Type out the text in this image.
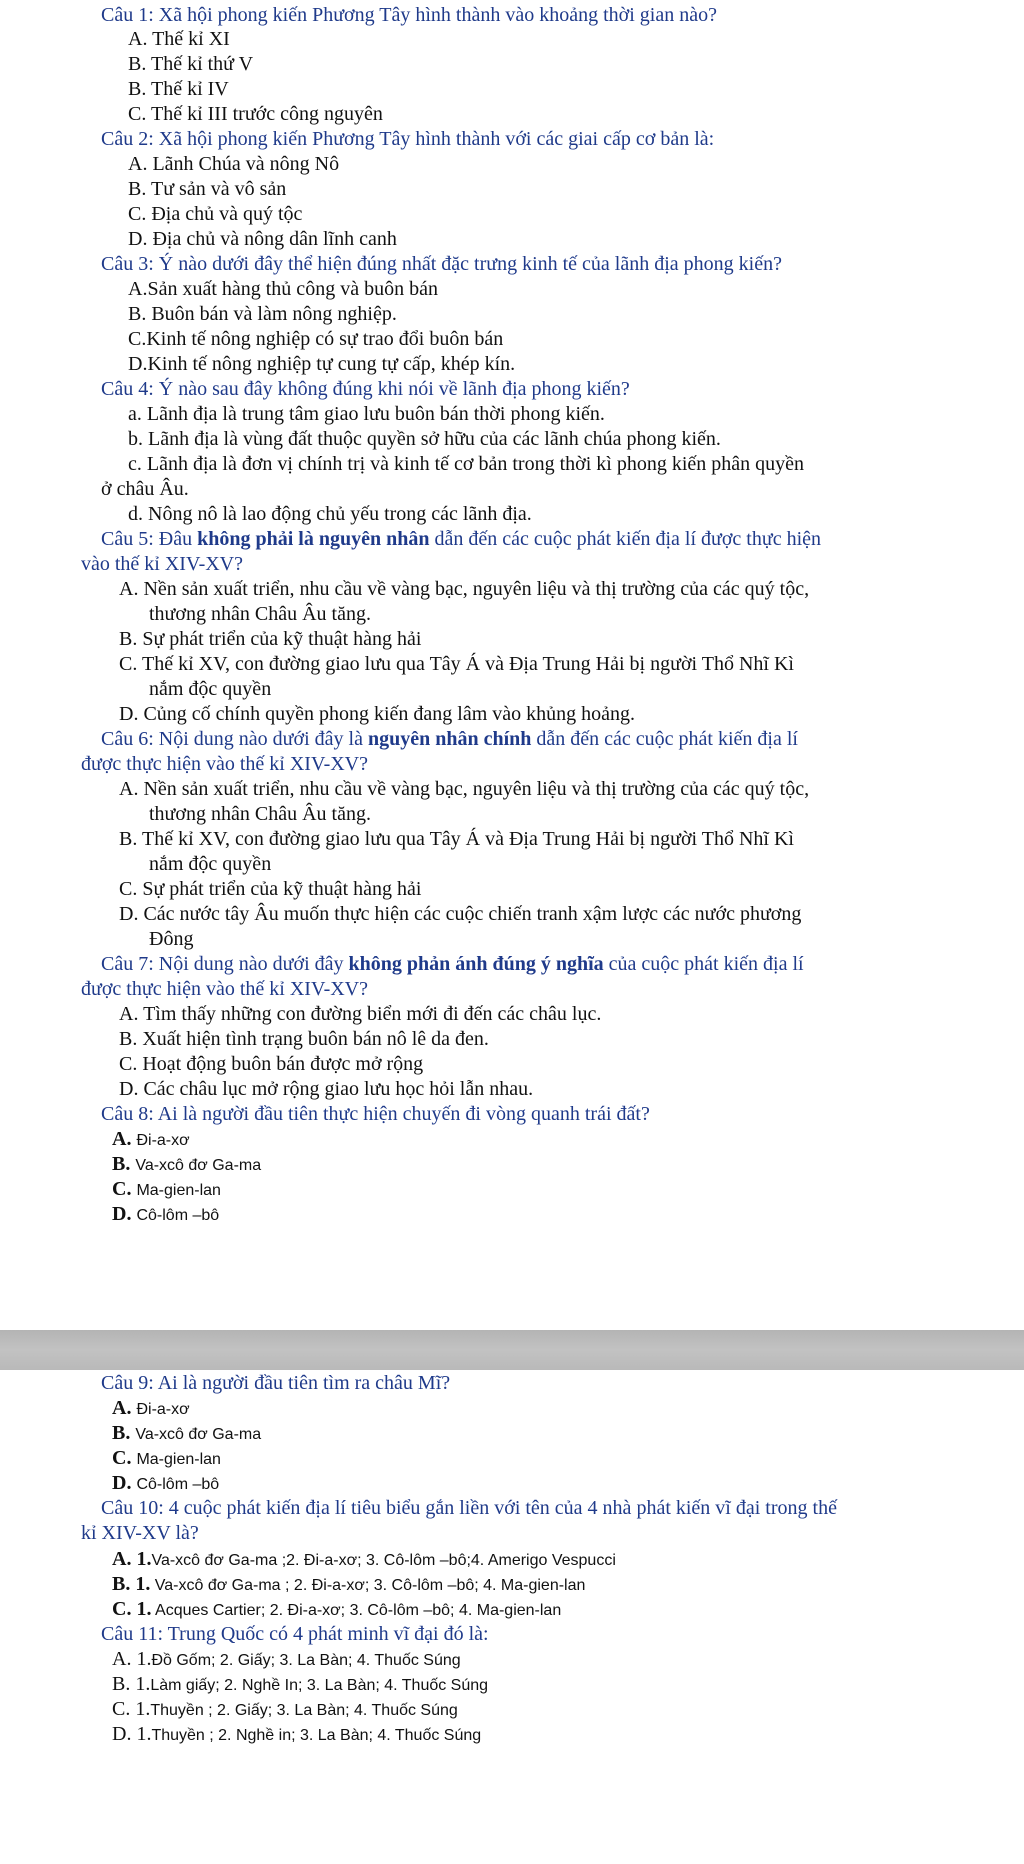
Câu 1: Xã hội phong kiến Phương Tây hình thành vào khoảng thời gian nào?
A. Thế kỉ XI
B. Thế kỉ thứ V
B. Thế kỉ IV
C. Thế kỉ III trước công nguyên
Câu 2: Xã hội phong kiến Phương Tây hình thành với các giai cấp cơ bản là:
A. Lãnh Chúa và nông Nô
B. Tư sản và vô sản
C. Địa chủ và quý tộc
D. Địa chủ và nông dân lĩnh canh
Câu 3: Ý nào dưới đây thể hiện đúng nhất đặc trưng kinh tế của lãnh địa phong kiến?
A.Sản xuất hàng thủ công và buôn bán
B. Buôn bán và làm nông nghiệp.
C.Kinh tế nông nghiệp có sự trao đổi buôn bán
D.Kinh tế nông nghiệp tự cung tự cấp, khép kín.
Câu 4: Ý nào sau đây không đúng khi nói về lãnh địa phong kiến?
a. Lãnh địa là trung tâm giao lưu buôn bán thời phong kiến.
b. Lãnh địa là vùng đất thuộc quyền sở hữu của các lãnh chúa phong kiến.
c. Lãnh địa là đơn vị chính trị và kinh tế cơ bản trong thời kì phong kiến phân quyền
ở châu Âu.
d. Nông nô là lao động chủ yếu trong các lãnh địa.
Câu 5: Đâu không phải là nguyên nhân dẫn đến các cuộc phát kiến địa lí được thực hiện
vào thế kỉ XIV-XV?
A. Nền sản xuất triển, nhu cầu về vàng bạc, nguyên liệu và thị trường của các quý tộc,
thương nhân Châu Âu tăng.
B. Sự phát triển của kỹ thuật hàng hải
C. Thế kỉ XV, con đường giao lưu qua Tây Á và Địa Trung Hải bị người Thổ Nhĩ Kì
nắm độc quyền
D. Củng cố chính quyền phong kiến đang lâm vào khủng hoảng.
Câu 6: Nội dung nào dưới đây là nguyên nhân chính dẫn đến các cuộc phát kiến địa lí
được thực hiện vào thế kỉ XIV-XV?
A. Nền sản xuất triển, nhu cầu về vàng bạc, nguyên liệu và thị trường của các quý tộc,
thương nhân Châu Âu tăng.
B. Thế kỉ XV, con đường giao lưu qua Tây Á và Địa Trung Hải bị người Thổ Nhĩ Kì
nắm độc quyền
C. Sự phát triển của kỹ thuật hàng hải
D. Các nước tây Âu muốn thực hiện các cuộc chiến tranh xậm lược các nước phương
Đông
Câu 7: Nội dung nào dưới đây không phản ánh đúng ý nghĩa của cuộc phát kiến địa lí
được thực hiện vào thế kỉ XIV-XV?
A. Tìm thấy những con đường biển mới đi đến các châu lục.
B. Xuất hiện tình trạng buôn bán nô lê da đen.
C. Hoạt động buôn bán được mở rộng
D. Các châu lục mở rộng giao lưu học hỏi lẫn nhau.
Câu 8: Ai là người đầu tiên thực hiện chuyến đi vòng quanh trái đất?
A. Đi-a-xơ
B. Va-xcô đơ Ga-ma
C. Ma-gien-lan
D. Cô-lôm –bô
Câu 9: Ai là người đầu tiên tìm ra châu Mĩ?
A. Đi-a-xơ
B. Va-xcô đơ Ga-ma
C. Ma-gien-lan
D. Cô-lôm –bô
Câu 10: 4 cuộc phát kiến địa lí tiêu biểu gắn liền với tên của 4 nhà phát kiến vĩ đại trong thế
kỉ XIV-XV là?
A. 1.Va-xcô đơ Ga-ma ;2. Đi-a-xơ; 3. Cô-lôm –bô;4. Amerigo Vespucci
B. 1. Va-xcô đơ Ga-ma ; 2. Đi-a-xơ; 3. Cô-lôm –bô; 4. Ma-gien-lan
C. 1. Acques Cartier; 2. Đi-a-xơ; 3. Cô-lôm –bô; 4. Ma-gien-lan
Câu 11: Trung Quốc có 4 phát minh vĩ đại đó là:
A. 1.Đồ Gốm; 2. Giấy; 3. La Bàn; 4. Thuốc Súng
B. 1.Làm giấy; 2. Nghề In; 3. La Bàn; 4. Thuốc Súng
C. 1.Thuyền ; 2. Giấy; 3. La Bàn; 4. Thuốc Súng
D. 1.Thuyền ; 2. Nghề in; 3. La Bàn; 4. Thuốc Súng
